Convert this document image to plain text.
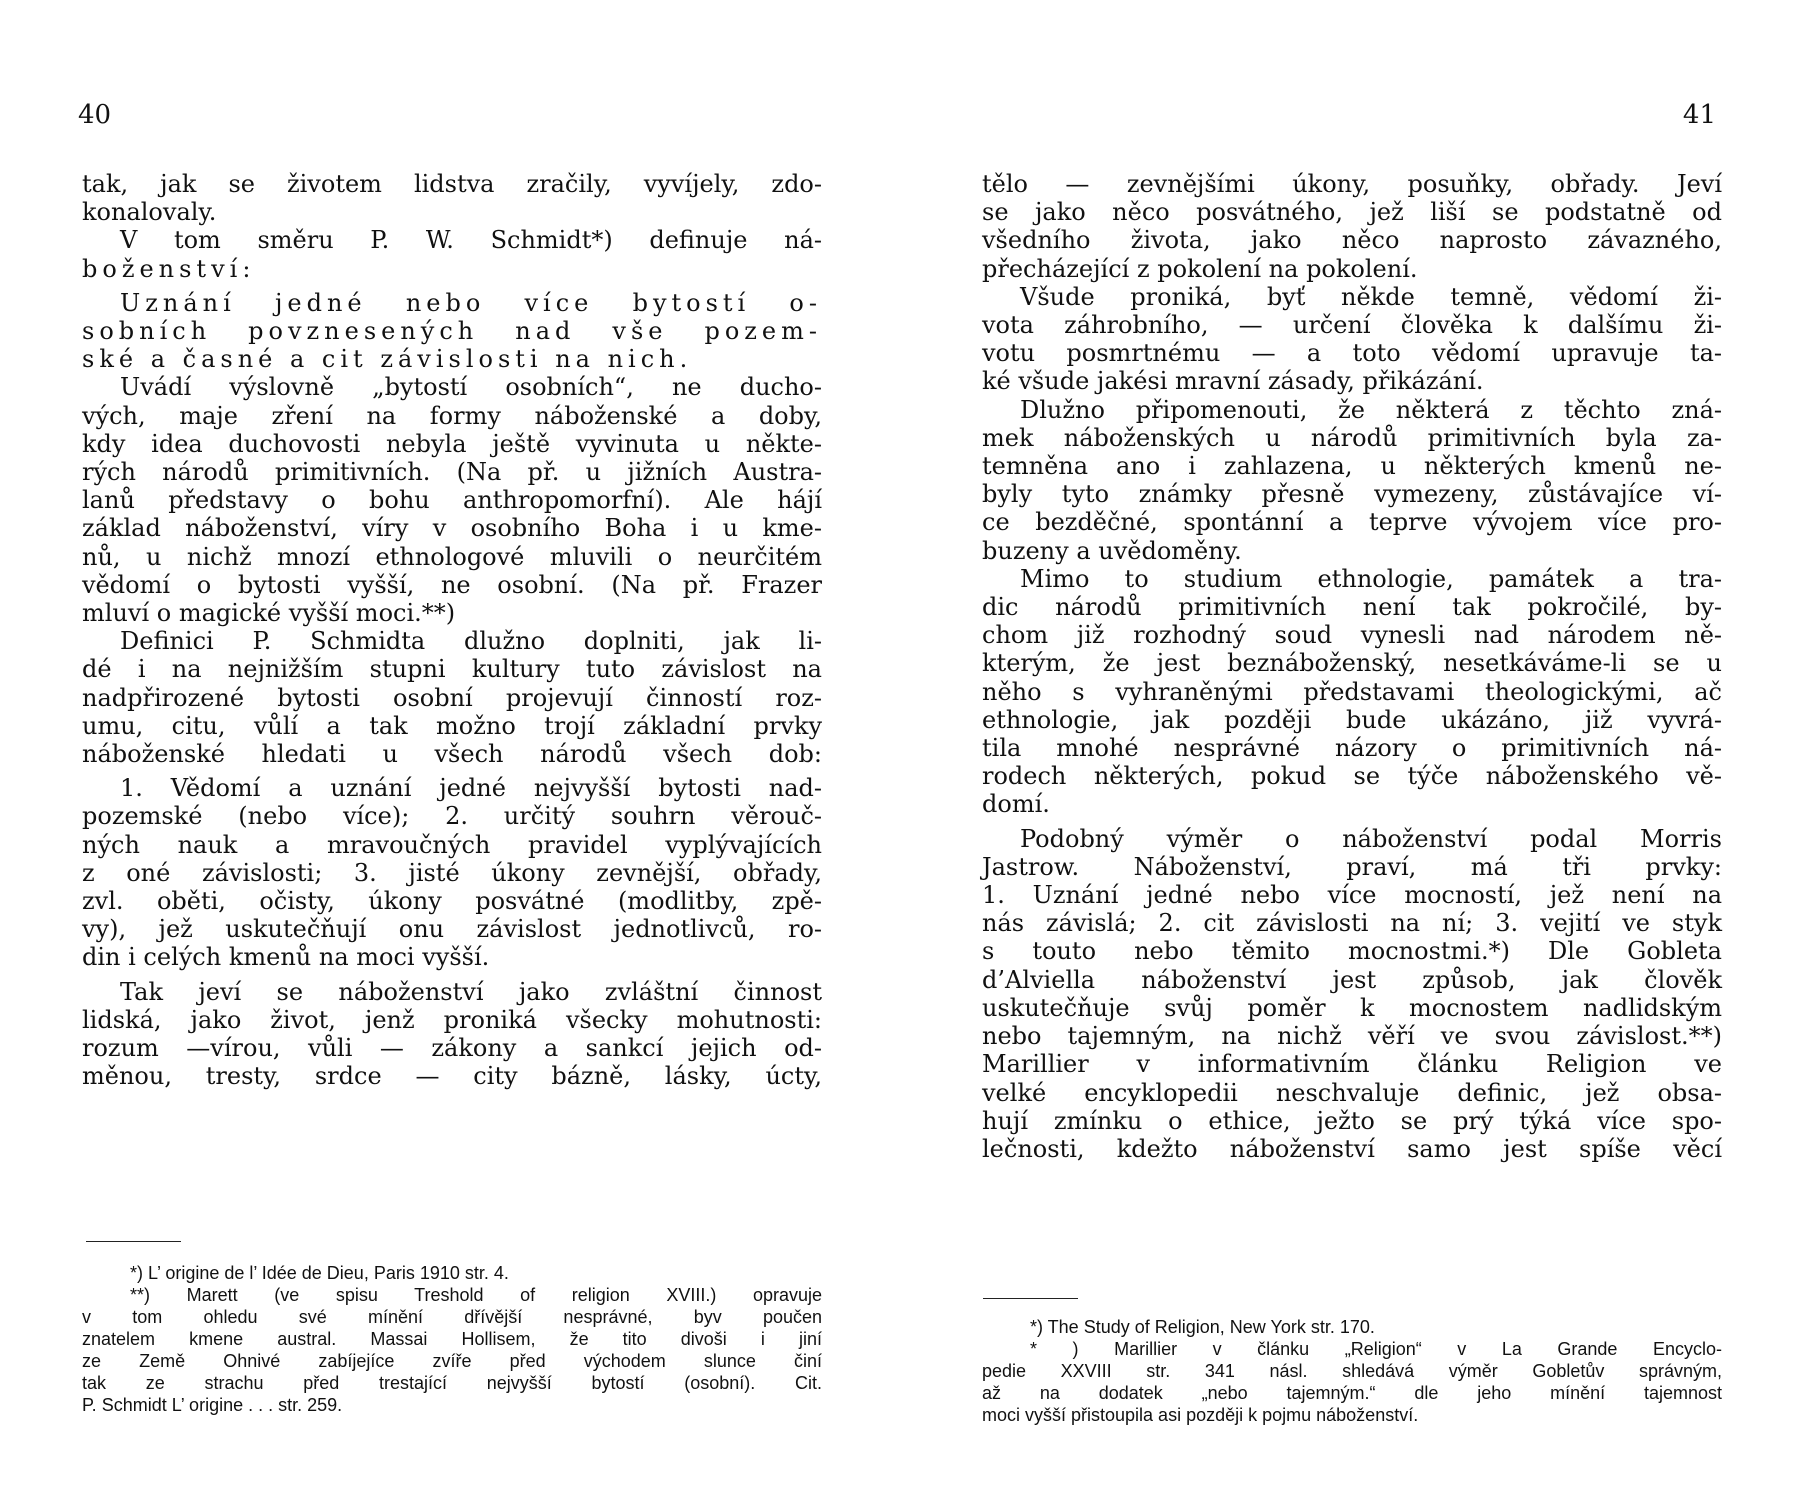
40
tak, jak se životem lidstva zračily, vyvíjely, zdo-
konalovaly.
V tom směru P. W. Schmidt*) definuje ná-
boženství:
Uznání jedné nebo více bytostí o-
sobních povznesených nad vše pozem-
ské a časné a cit závislosti na nich.
Uvádí výslovně „bytostí osobních“, ne ducho-
vých, maje zření na formy náboženské a doby,
kdy idea duchovosti nebyla ještě vyvinuta u někte-
rých národů primitivních. (Na př. u jižních Austra-
lanů představy o bohu anthropomorfní). Ale hájí
základ náboženství, víry v osobního Boha i u kme-
nů, u nichž mnozí ethnologové mluvili o neurčitém
vědomí o bytosti vyšší, ne osobní. (Na př. Frazer
mluví o magické vyšší moci.**)
Definici P. Schmidta dlužno doplniti, jak li-
dé i na nejnižším stupni kultury tuto závislost na
nadpřirozené bytosti osobní projevují činností roz-
umu, citu, vůlí a tak možno trojí základní prvky
náboženské hledati u všech národů všech dob:
1. Vědomí a uznání jedné nejvyšší bytosti nad-
pozemské (nebo více); 2. určitý souhrn věrouč-
ných nauk a mravoučných pravidel vyplývajících
z oné závislosti; 3. jisté úkony zevnější, obřady,
zvl. oběti, očisty, úkony posvátné (modlitby, zpě-
vy), jež uskutečňují onu závislost jednotlivců, ro-
din i celých kmenů na moci vyšší.
Tak jeví se náboženství jako zvláštní činnost
lidská, jako život, jenž proniká všecky mohutnosti:
rozum —vírou, vůli — zákony a sankcí jejich od-
měnou, tresty, srdce — city bázně, lásky, úcty,
*) L’ origine de l’ Idée de Dieu, Paris 1910 str. 4.
**) Marett (ve spisu Treshold of religion XVIII.) opravuje
v tom ohledu své mínění dřívější nesprávné, byv poučen
znatelem kmene austral. Massai Hollisem, že tito divoši i jiní
ze Země Ohnivé zabíjejíce zvíře před východem slunce činí
tak ze strachu před trestající nejvyšší bytostí (osobní). Cit.
P. Schmidt L’ origine . . . str. 259.
41
tělo — zevnějšími úkony, posuňky, obřady. Jeví
se jako něco posvátného, jež liší se podstatně od
všedního života, jako něco naprosto závazného,
přecházející z pokolení na pokolení.
Všude proniká, byť někde temně, vědomí ži-
vota záhrobního, — určení člověka k dalšímu ži-
votu posmrtnému — a toto vědomí upravuje ta-
ké všude jakési mravní zásady, přikázání.
Dlužno připomenouti, že některá z těchto zná-
mek náboženských u národů primitivních byla za-
temněna ano i zahlazena, u některých kmenů ne-
byly tyto známky přesně vymezeny, zůstávajíce ví-
ce bezděčné, spontánní a teprve vývojem více pro-
buzeny a uvědoměny.
Mimo to studium ethnologie, památek a tra-
dic národů primitivních není tak pokročilé, by-
chom již rozhodný soud vynesli nad národem ně-
kterým, že jest beznáboženský, nesetkáváme-li se u
něho s vyhraněnými představami theologickými, ač
ethnologie, jak později bude ukázáno, již vyvrá-
tila mnohé nesprávné názory o primitivních ná-
rodech některých, pokud se týče náboženského vě-
domí.
Podobný výměr o náboženství podal Morris
Jastrow. Náboženství, praví, má tři prvky:
1. Uznání jedné nebo více mocností, jež není na
nás závislá; 2. cit závislosti na ní; 3. vejití ve styk
s touto nebo těmito mocnostmi.*) Dle Gobleta
d’Alviella náboženství jest způsob, jak člověk
uskutečňuje svůj poměr k mocnostem nadlidským
nebo tajemným, na nichž věří ve svou závislost.**)
Marillier v informativním článku Religion ve
velké encyklopedii neschvaluje definic, jež obsa-
hují zmínku o ethice, ježto se prý týká více spo-
lečnosti, kdežto náboženství samo jest spíše věcí
*) The Study of Religion, New York str. 170.
* ) Marillier v článku „Religion“ v La Grande Encyclo-
pedie XXVIII str. 341 násl. shledává výměr Gobletův správným,
až na dodatek „nebo tajemným.“ dle jeho mínění tajemnost
moci vyšší přistoupila asi později k pojmu náboženství.
